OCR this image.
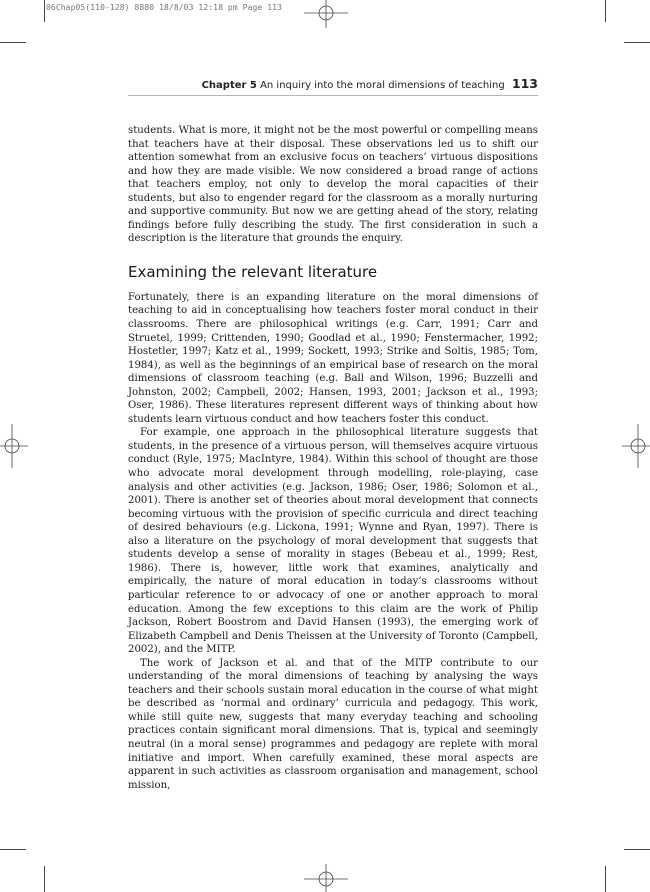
06Chap05(110-128) 8880 18/8/03 12:18 pm Page 113
Chapter 5 An inquiry into the moral dimensions of teaching 113

students. What is more, it might not be the most powerful or compelling means that teachers have at their disposal. These observations led us to shift our attention somewhat from an exclusive focus on teachers’ virtuous dispositions and how they are made visible. We now considered a broad range of actions that teachers employ, not only to develop the moral capacities of their students, but also to engender regard for the classroom as a morally nurturing and supportive community. But now we are getting ahead of the story, relating findings before fully describing the study. The first consideration in such a description is the literature that grounds the enquiry.

Examining the relevant literature

Fortunately, there is an expanding literature on the moral dimensions of teaching to aid in conceptualising how teachers foster moral conduct in their classrooms. There are philosophical writings (e.g. Carr, 1991; Carr and Struetel, 1999; Crittenden, 1990; Goodlad et al., 1990; Fenstermacher, 1992; Hostetler, 1997; Katz et al., 1999; Sockett, 1993; Strike and Soltis, 1985; Tom, 1984), as well as the beginnings of an empirical base of research on the moral dimensions of classroom teaching (e.g. Ball and Wilson, 1996; Buzzelli and Johnston, 2002; Campbell, 2002; Hansen, 1993, 2001; Jackson et al., 1993; Oser, 1986). These literatures represent different ways of thinking about how students learn virtuous conduct and how teachers foster this conduct.

For example, one approach in the philosophical literature suggests that students, in the presence of a virtuous person, will themselves acquire virtuous conduct (Ryle, 1975; MacIntyre, 1984). Within this school of thought are those who advocate moral development through modelling, role-playing, case analysis and other activities (e.g. Jackson, 1986; Oser, 1986; Solomon et al., 2001). There is another set of theories about moral development that connects becoming virtuous with the provision of specific curricula and direct teaching of desired behaviours (e.g. Lickona, 1991; Wynne and Ryan, 1997). There is also a literature on the psychology of moral development that suggests that students develop a sense of morality in stages (Bebeau et al., 1999; Rest, 1986). There is, however, little work that examines, analytically and empirically, the nature of moral education in today’s classrooms without particular reference to or advocacy of one or another approach to moral education. Among the few exceptions to this claim are the work of Philip Jackson, Robert Boostrom and David Hansen (1993), the emerging work of Elizabeth Campbell and Denis Theissen at the University of Toronto (Campbell, 2002), and the MITP.

The work of Jackson et al. and that of the MITP contribute to our understanding of the moral dimensions of teaching by analysing the ways teachers and their schools sustain moral education in the course of what might be described as ‘normal and ordinary’ curricula and pedagogy. This work, while still quite new, suggests that many everyday teaching and schooling practices contain significant moral dimensions. That is, typical and seemingly neutral (in a moral sense) programmes and pedagogy are replete with moral initiative and import. When carefully examined, these moral aspects are apparent in such activities as classroom organisation and management, school mission,
